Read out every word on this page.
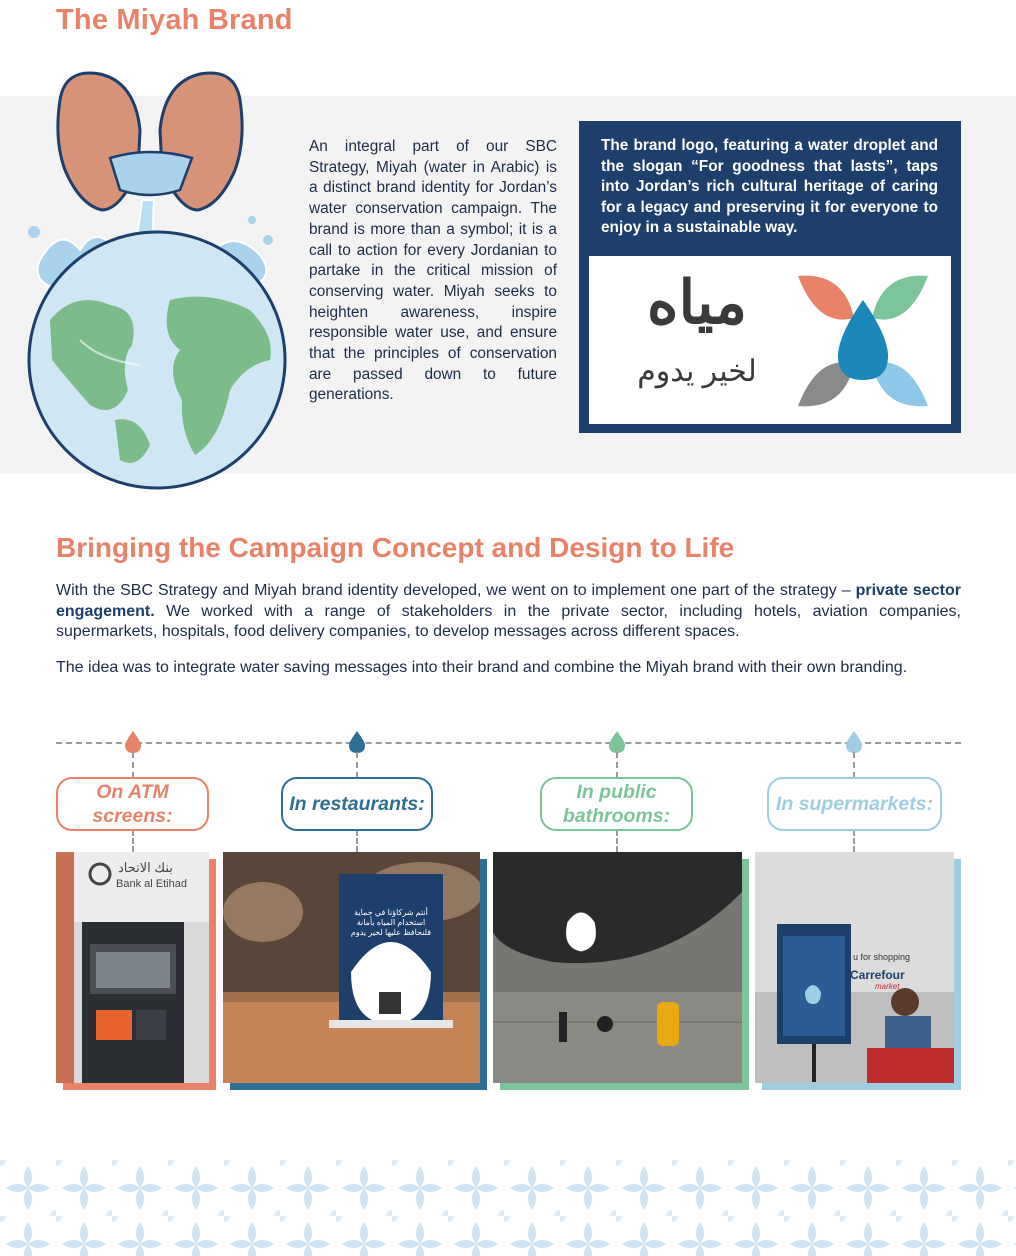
The Miyah Brand
An integral part of our SBC Strategy, Miyah (water in Arabic) is a distinct brand identity for Jordan’s water conservation campaign. The brand is more than a symbol; it is a call to action for every Jordanian to partake in the critical mission of conserving water. Miyah seeks to heighten awareness, inspire responsible water use, and ensure that the principles of conservation are passed down to future generations.
The brand logo, featuring a water droplet and the slogan “For goodness that lasts”, taps into Jordan’s rich cultural heritage of caring for a legacy and preserving it for everyone to enjoy in a sustainable way.
مياه
لخير يدوم
Bringing the Campaign Concept and Design to Life
With the SBC Strategy and Miyah brand identity developed, we went on to implement one part of the strategy – private sector engagement. We worked with a range of stakeholders in the private sector, including hotels, aviation companies, supermarkets, hospitals, food delivery companies, to develop messages across different spaces.
The idea was to integrate water saving messages into their brand and combine the Miyah brand with their own branding.
On ATM screens:
In restaurants:
In public bathrooms:
In supermarkets:
بنك الاتحاد
Bank al Etihad
أنتم شركاؤنا في حماية استخدام المياه بأمانة فلنحافظ عليها لخير يدوم
u for shopping
Carrefour
market
